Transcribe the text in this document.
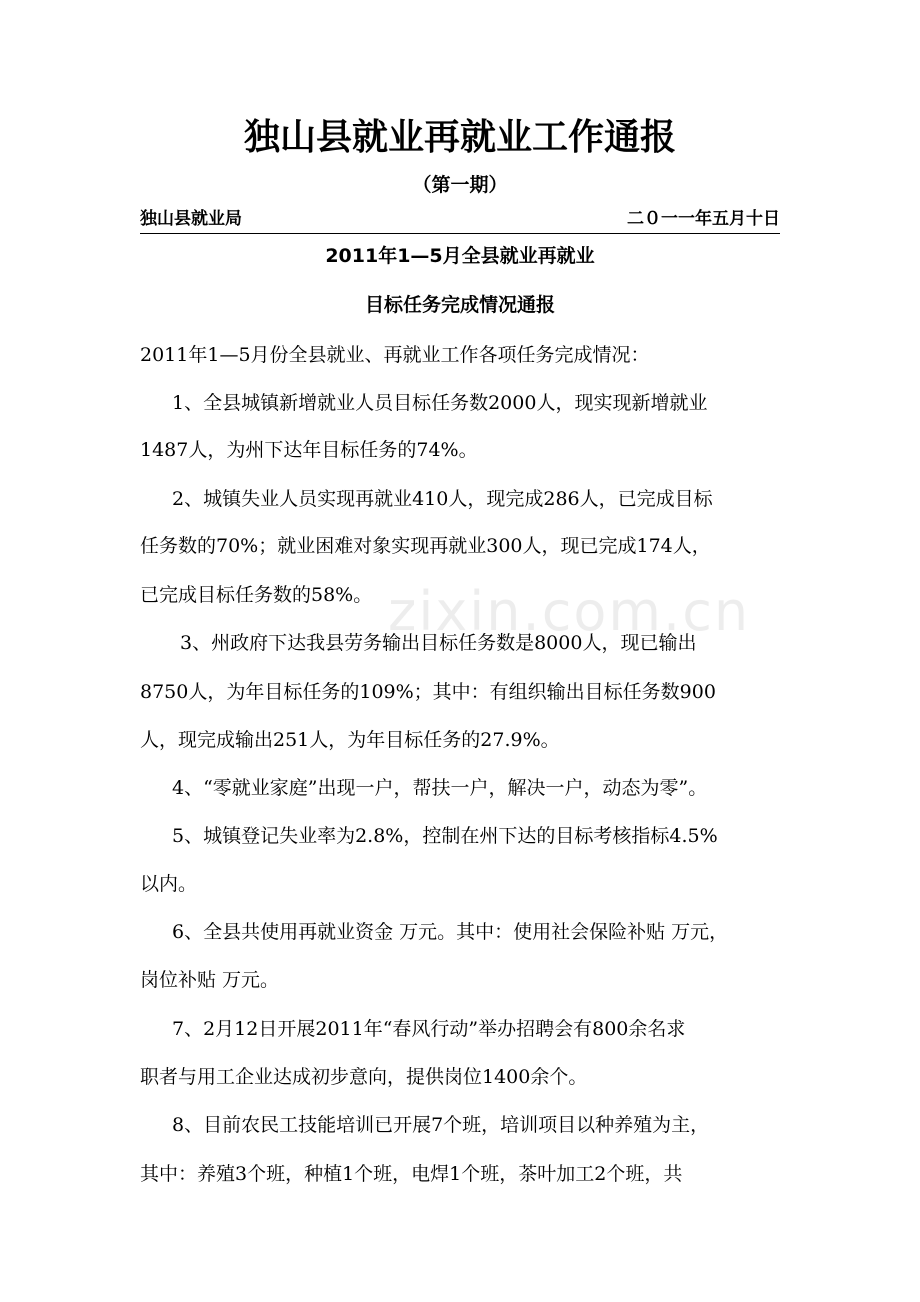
独山县就业再就业工作通报
（第一期）
独山县就业局	二０一一年五月十日
2011年1—5月全县就业再就业
目标任务完成情况通报
zixin.com.cn
2011年1—5月份全县就业、再就业工作各项任务完成情况：
1、全县城镇新增就业人员目标任务数2000人，现实现新增就业
1487人，为州下达年目标任务的74%。
2、城镇失业人员实现再就业410人，现完成286人，已完成目标
任务数的70%；就业困难对象实现再就业300人，现已完成174人，
已完成目标任务数的58%。
3、州政府下达我县劳务输出目标任务数是8000人，现已输出
8750人，为年目标任务的109%；其中：有组织输出目标任务数900
人，现完成输出251人，为年目标任务的27.9%。
4、“零就业家庭”出现一户，帮扶一户，解决一户，动态为零”。
5、城镇登记失业率为2.8%，控制在州下达的目标考核指标4.5%
以内。
6、全县共使用再就业资金 万元。其中：使用社会保险补贴 万元，
岗位补贴 万元。
7、2月12日开展2011年“春风行动”举办招聘会有800余名求
职者与用工企业达成初步意向，提供岗位1400余个。
8、目前农民工技能培训已开展7个班，培训项目以种养殖为主，
其中：养殖3个班，种植1个班，电焊1个班，茶叶加工2个班，共
